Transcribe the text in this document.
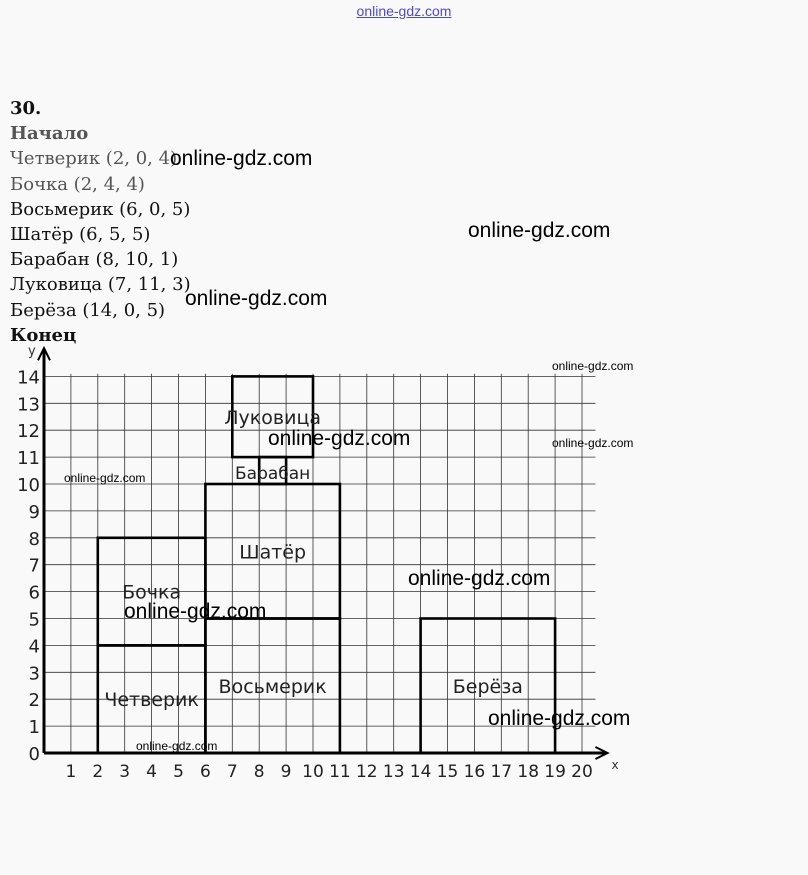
online-gdz.com
30.
Начало
Четверик (2, 0, 4)
Бочка (2, 4, 4)
Восьмерик (6, 0, 5)
Шатёр (6, 5, 5)
Барабан (8, 10, 1)
Луковица (7, 11, 3)
Берёза (14, 0, 5)
Конец
x
y
1 2 3 4 5 6 7 8 9 10 11 12 13 14 15 16 17 18 19 20
0
1
2
3
4
5
6
7
8
9
10
11
12
13
14
Четверик
Бочка
Восьмерик
Шатёр
Барабан
Луковица
Берёза
online-gdz.com
online-gdz.com
online-gdz.com
online-gdz.com
online-gdz.com	online-gdz.com
online-gdz.com
online-gdz.com
online-gdz.com
online-gdz.com
online-gdz.com
